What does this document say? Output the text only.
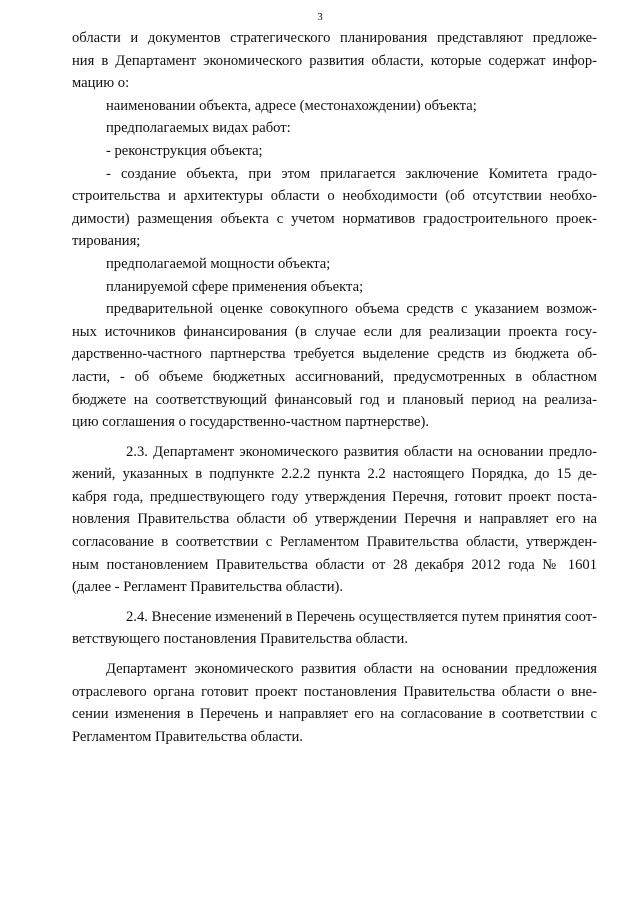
3
области и документов стратегического планирования представляют предложе-
ния в Департамент экономического развития области, которые содержат инфор-
мацию о:
наименовании объекта, адресе (местонахождении) объекта;
предполагаемых видах работ:
- реконструкция объекта;
- создание объекта, при этом прилагается заключение Комитета градо-
строительства и архитектуры области о необходимости (об отсутствии необхо-
димости) размещения объекта с учетом нормативов градостроительного проек-
тирования;
предполагаемой мощности объекта;
планируемой сфере применения объекта;
предварительной оценке совокупного объема средств с указанием возмож-
ных источников финансирования (в случае если для реализации проекта госу-
дарственно-частного партнерства требуется выделение средств из бюджета об-
ласти, - об объеме бюджетных ассигнований, предусмотренных в областном
бюджете на соответствующий финансовый год и плановый период на реализа-
цию соглашения о государственно-частном партнерстве).
2.3. Департамент экономического развития области на основании предло-
жений, указанных в подпункте 2.2.2 пункта 2.2 настоящего Порядка, до 15 де-
кабря года, предшествующего году утверждения Перечня, готовит проект поста-
новления Правительства области об утверждении Перечня и направляет его на
согласование в соответствии с Регламентом Правительства области, утвержден-
ным постановлением Правительства области от 28 декабря 2012 года № 1601
(далее - Регламент Правительства области).
2.4. Внесение изменений в Перечень осуществляется путем принятия соот-
ветствующего постановления Правительства области.
Департамент экономического развития области на основании предложения
отраслевого органа готовит проект постановления Правительства области о вне-
сении изменения в Перечень и направляет его на согласование в соответствии с
Регламентом Правительства области.
